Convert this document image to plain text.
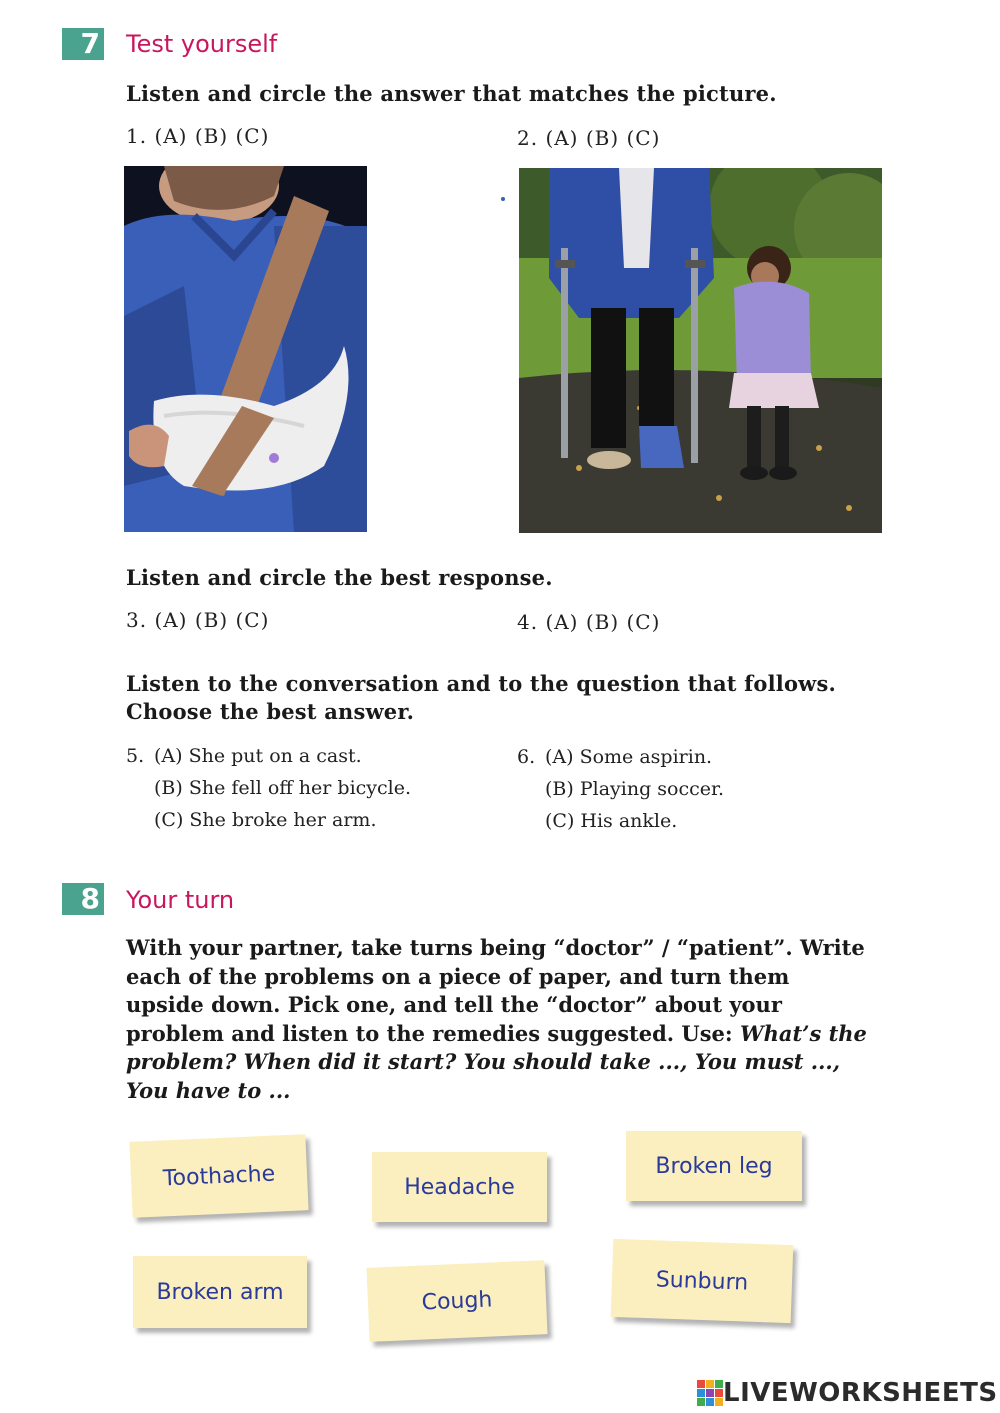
7 Test yourself
Listen and circle the answer that matches the picture.
1. (A) (B) (C)	2. (A) (B) (C)
Listen and circle the best response.
3. (A) (B) (C)	4. (A) (B) (C)
Listen to the conversation and to the question that follows.
Choose the best answer.
5. (A) She put on a cast.
(B) She fell off her bicycle.
(C) She broke her arm.
6. (A) Some aspirin.
(B) Playing soccer.
(C) His ankle.
8 Your turn
With your partner, take turns being “doctor” / “patient”. Write
each of the problems on a piece of paper, and turn them
upside down. Pick one, and tell the “doctor” about your
problem and listen to the remedies suggested. Use: What’s the
problem? When did it start? You should take ..., You must ...,
You have to ...
Toothache	Headache
Broken leg
Broken arm	Cough
Sunburn
LIVEWORKSHEETS
